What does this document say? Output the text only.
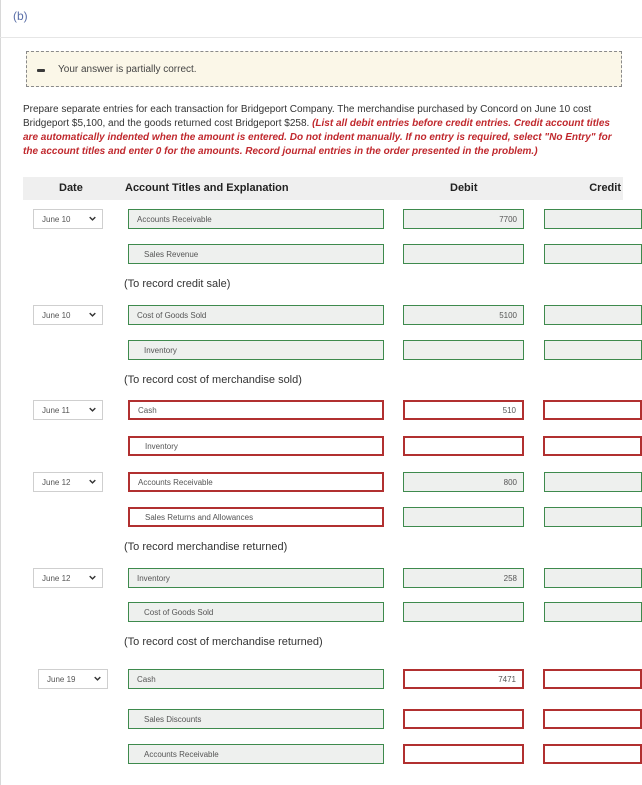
(b)
Your answer is partially correct.
Prepare separate entries for each transaction for Bridgeport Company. The merchandise purchased by Concord on June 10 cost Bridgeport $5,100, and the goods returned cost Bridgeport $258. (List all debit entries before credit entries. Credit account titles are automatically indented when the amount is entered. Do not indent manually. If no entry is required, select "No Entry" for the account titles and enter 0 for the amounts. Record journal entries in the order presented in the problem.)
Date	Account Titles and Explanation	Debit	Credit
June 10	Accounts Receivable	7700
Sales Revenue
(To record credit sale)
June 10	Cost of Goods Sold	5100
Inventory
(To record cost of merchandise sold)
June 11	Cash	510
Inventory
June 12	Accounts Receivable	800
Sales Returns and Allowances
(To record merchandise returned)
June 12	Inventory	258
Cost of Goods Sold
(To record cost of merchandise returned)
June 19	Cash	7471
Sales Discounts
Accounts Receivable
